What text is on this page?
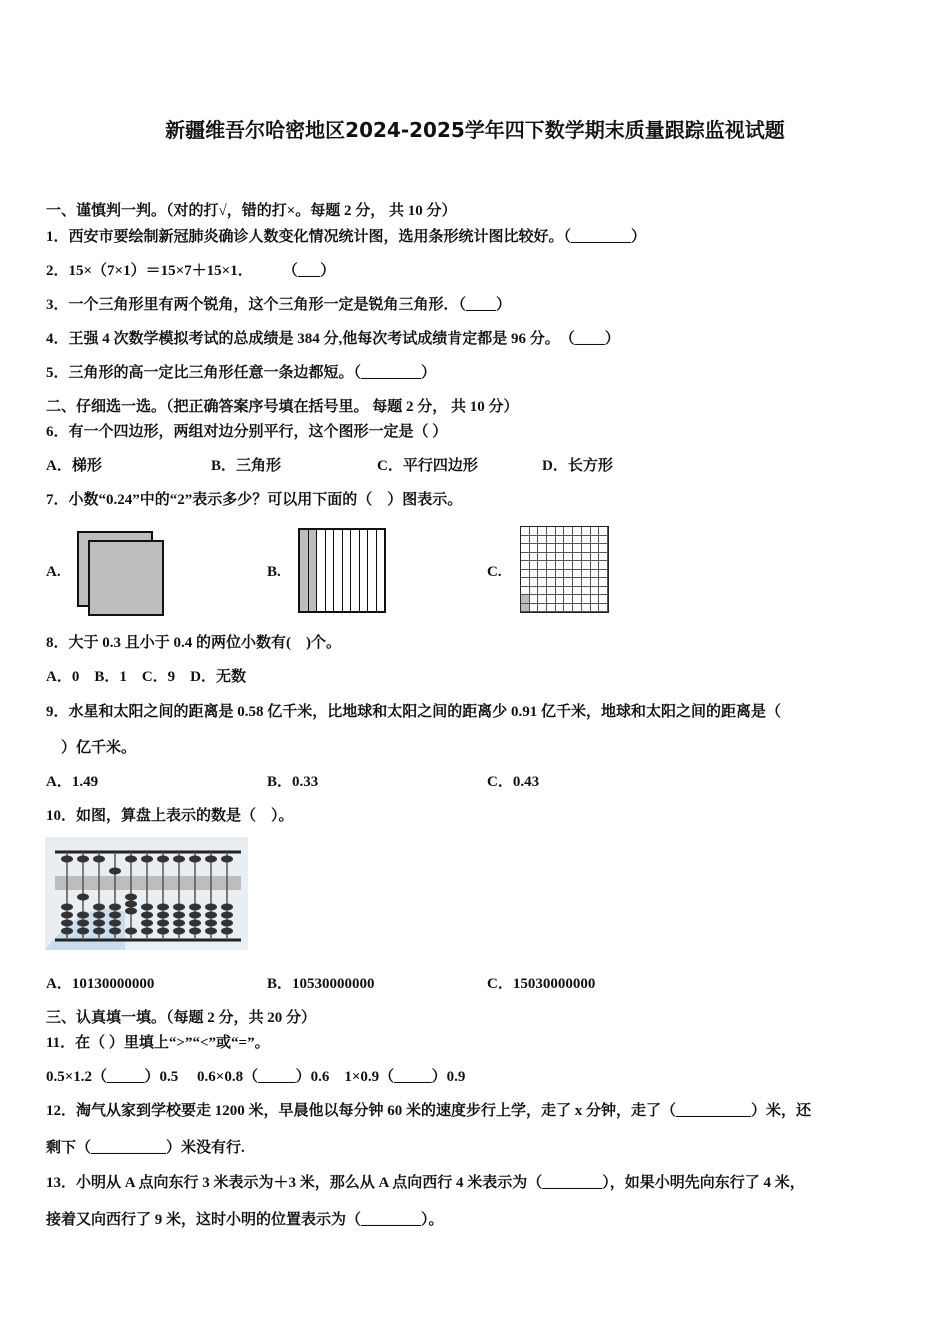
新疆维吾尔哈密地区2024-2025学年四下数学期末质量跟踪监视试题
一、谨慎判一判。（对的打√，错的打×。每题 2 分， 共 10 分）
1．西安市要绘制新冠肺炎确诊人数变化情况统计图，选用条形统计图比较好。（________）
2．15×（7×1）＝15×7＋15×1．　　　（___）
3．一个三角形里有两个锐角，这个三角形一定是锐角三角形．（____）
4．王强 4 次数学模拟考试的总成绩是 384 分,他每次考试成绩肯定都是 96 分。　（____）
5．三角形的高一定比三角形任意一条边都短。（________）
二、仔细选一选。（把正确答案序号填在括号里。 每题 2 分， 共 10 分）
6．有一个四边形，两组对边分别平行，这个图形一定是（ ）
A．梯形	B．三角形	C．平行四边形	D．长方形
7．小数“0.24”中的“2”表示多少？可以用下面的（　）图表示。
A.	B.	C.
8．大于 0.3 且小于 0.4 的两位小数有(　)个。
A．0　B．1　C．9　D．无数
9．水星和太阳之间的距离是 0.58 亿千米，比地球和太阳之间的距离少 0.91 亿千米，地球和太阳之间的距离是（
　）亿千米。
A．1.49	B．0.33	C．0.43
10．如图，算盘上表示的数是（　）。
A．10130000000	B．10530000000	C．15030000000
三、认真填一填。（每题 2 分，共 20 分）
11．在（ ）里填上“>”“<”或“=”。
0.5×1.2（_____）0.5　 0.6×0.8（_____）0.6　1×0.9（_____）0.9
12．淘气从家到学校要走 1200 米，早晨他以每分钟 60 米的速度步行上学，走了 x 分钟，走了（__________）米，还
剩下（__________）米没有行.
13．小明从 A 点向东行 3 米表示为＋3 米，那么从 A 点向西行 4 米表示为（________），如果小明先向东行了 4 米，
接着又向西行了 9 米，这时小明的位置表示为（________）。
